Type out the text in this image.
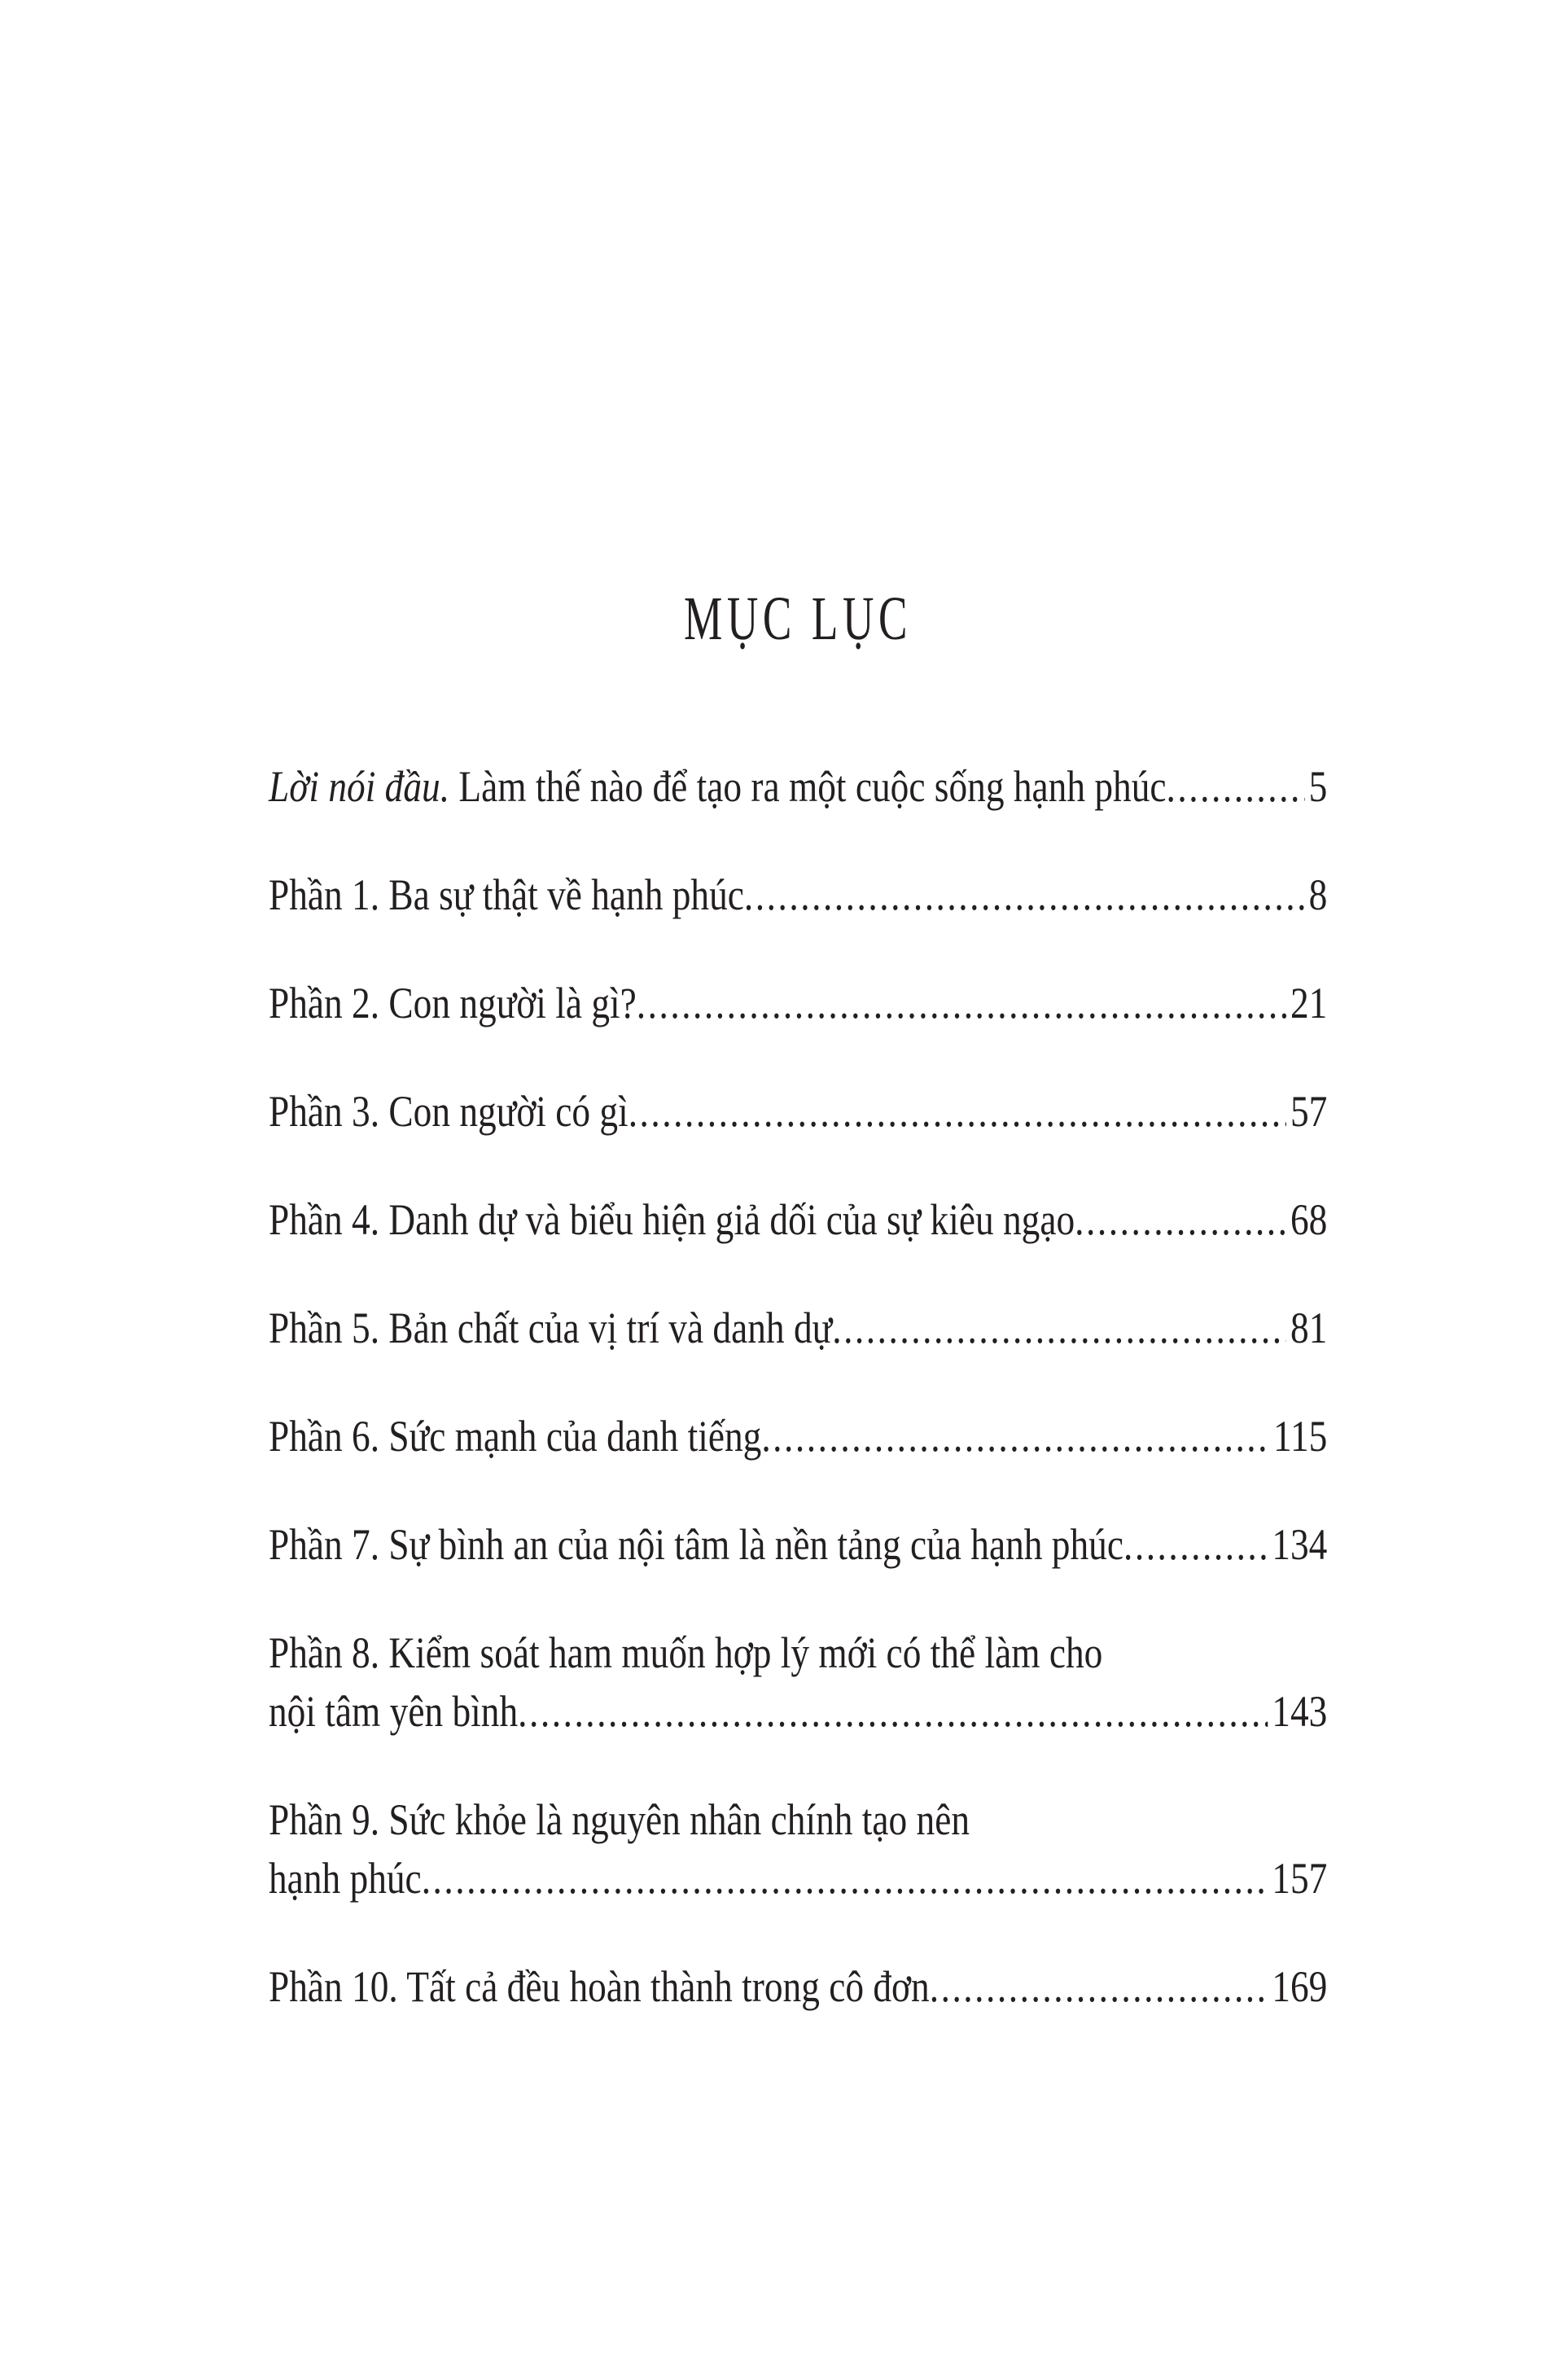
MỤC LỤC
Lời nói đầu. Làm thế nào để tạo ra một cuộc sống hạnh phúc .....	5
Phần 1. Ba sự thật về hạnh phúc .....	8
Phần 2. Con người là gì? .....	21
Phần 3. Con người có gì .....	57
Phần 4. Danh dự và biểu hiện giả dối của sự kiêu ngạo .....	68
Phần 5. Bản chất của vị trí và danh dự .....	81
Phần 6. Sức mạnh của danh tiếng .....	115
Phần 7. Sự bình an của nội tâm là nền tảng của hạnh phúc .....	134
Phần 8. Kiểm soát ham muốn hợp lý mới có thể làm cho
nội tâm yên bình .....	143
Phần 9. Sức khỏe là nguyên nhân chính tạo nên
hạnh phúc .....	157
Phần 10. Tất cả đều hoàn thành trong cô đơn .....	169
